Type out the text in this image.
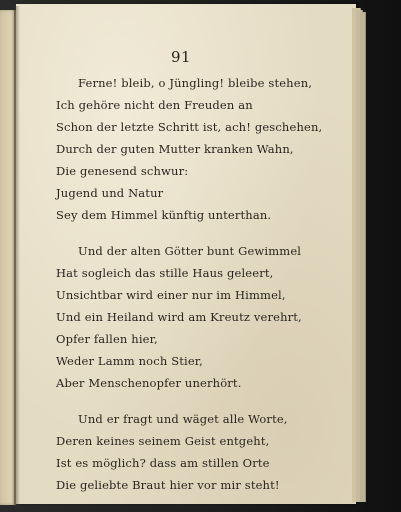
91
Ferne! bleib, o Jüngling! bleibe stehen,
Ich gehöre nicht den Freuden an
Schon der letzte Schritt ist, ach! geschehen,
Durch der guten Mutter kranken Wahn,
Die genesend schwur:
Jugend und Natur
Sey dem Himmel künftig unterthan.
Und der alten Götter bunt Gewimmel
Hat sogleich das stille Haus geleert,
Unsichtbar wird einer nur im Himmel,
Und ein Heiland wird am Kreutz verehrt,
Opfer fallen hier,
Weder Lamm noch Stier,
Aber Menschenopfer unerhört.
Und er fragt und wäget alle Worte,
Deren keines seinem Geist entgeht,
Ist es möglich? dass am stillen Orte
Die geliebte Braut hier vor mir steht!
